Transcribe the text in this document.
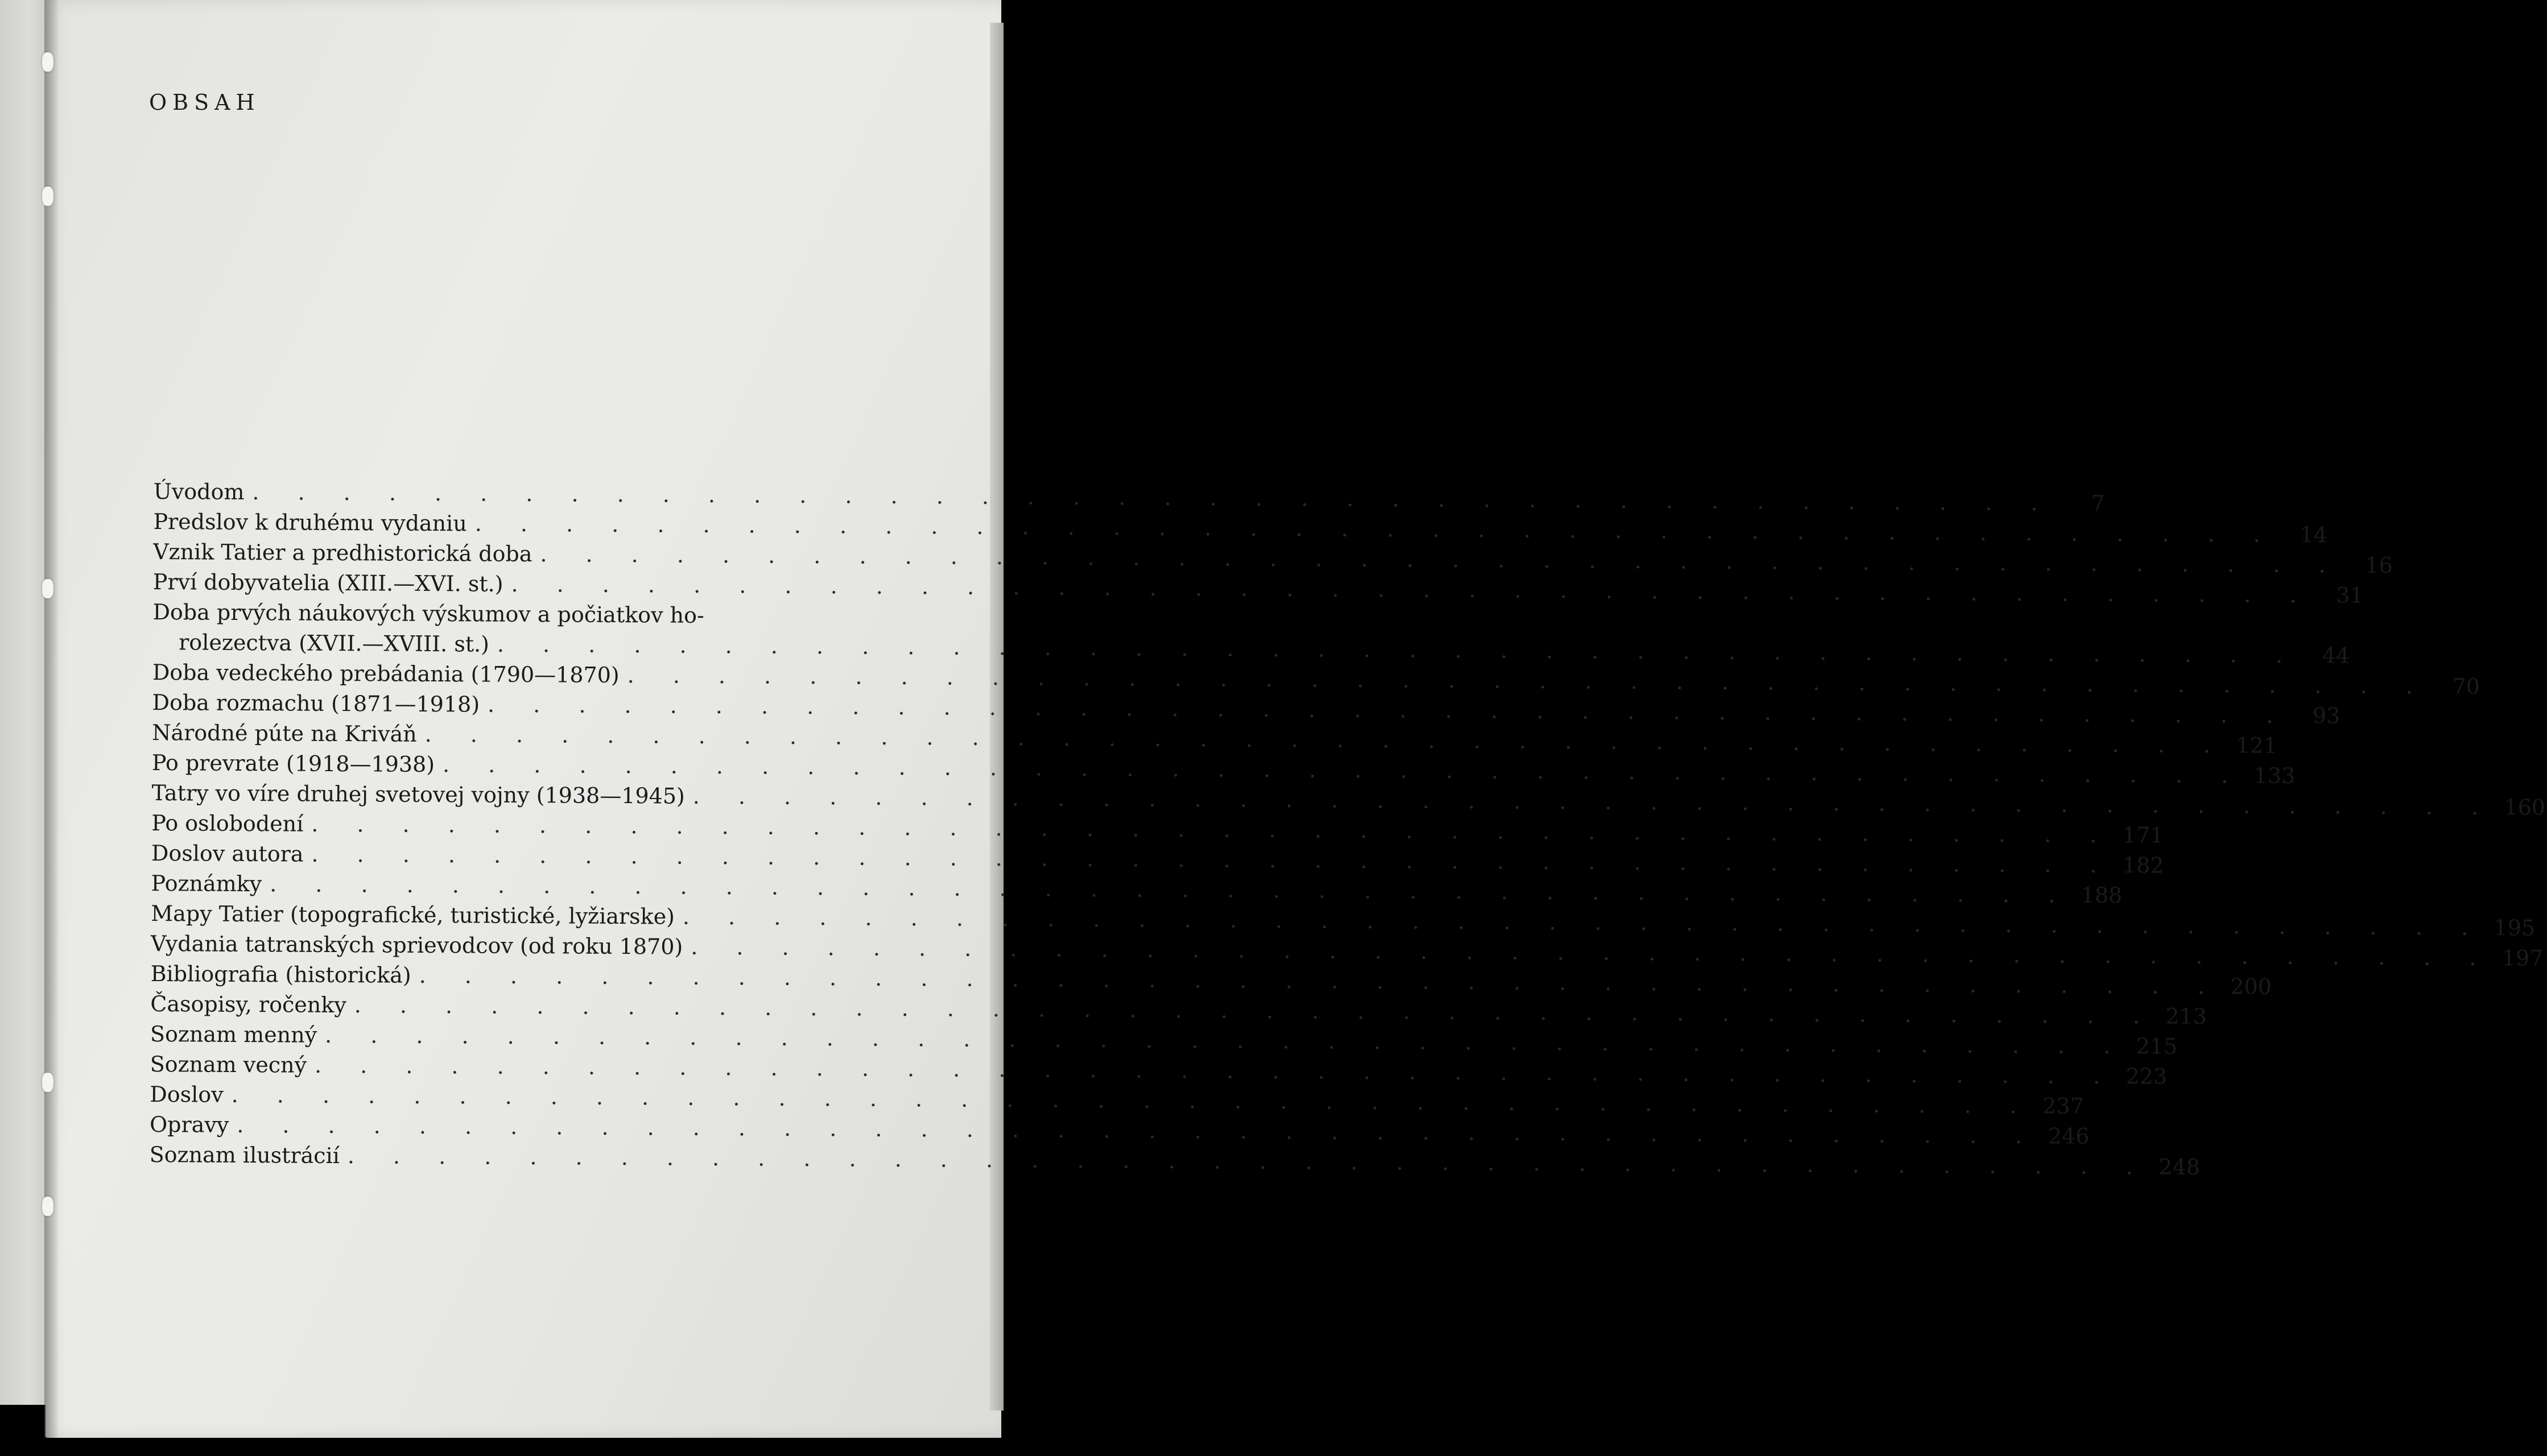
OBSAH
Úvodom . . . . . . . . . . . . . . . . . . . . . . . . . . . . . . . . . . . . . . . .	7
Predslov k druhému vydaniu . . . . . . . . . . . . . . . . . . . . . . . . . . . . . . . . . . . . . . . .	14
Vznik Tatier a predhistorická doba . . . . . . . . . . . . . . . . . . . . . . . . . . . . . . . . . . . . . . . .	16
Prví dobyvatelia (XIII.—XVI. st.) . . . . . . . . . . . . . . . . . . . . . . . . . . . . . . . . . . . . . . . .	31
Doba prvých náukových výskumov a počiatkov ho-
rolezectva (XVII.—XVIII. st.) . . . . . . . . . . . . . . . . . . . . . . . . . . . . . . . . . . . . . . . .	44
Doba vedeckého prebádania (1790—1870) . . . . . . . . . . . . . . . . . . . . . . . . . . . . . . . . . . . . . . . .	70
Doba rozmachu (1871—1918) . . . . . . . . . . . . . . . . . . . . . . . . . . . . . . . . . . . . . . . .	93
Národné púte na Kriváň . . . . . . . . . . . . . . . . . . . . . . . . . . . . . . . . . . . . . . . . 121
Po prevrate (1918—1938) . . . . . . . . . . . . . . . . . . . . . . . . . . . . . . . . . . . . . . . . 133
Tatry vo víre druhej svetovej vojny (1938—1945) . . . . . . . . . . . . . . . . . . . . . . . . . . . . . . . . . . . . . . . . 160
Po oslobodení . . . . . . . . . . . . . . . . . . . . . . . . . . . . . . . . . . . . . . . . 171
Doslov autora . . . . . . . . . . . . . . . . . . . . . . . . . . . . . . . . . . . . . . . . 182
Poznámky . . . . . . . . . . . . . . . . . . . . . . . . . . . . . . . . . . . . . . . . 188
Mapy Tatier (topografické, turistické, lyžiarske) . . . . . . . . . . . . . . . . . . . . . . . . . . . . . . . . . . . . . . . . 195
Vydania tatranských sprievodcov (od roku 1870) . . . . . . . . . . . . . . . . . . . . . . . . . . . . . . . . . . . . . . . . 197
Bibliografia (historická) . . . . . . . . . . . . . . . . . . . . . . . . . . . . . . . . . . . . . . . . 200
Časopisy, ročenky . . . . . . . . . . . . . . . . . . . . . . . . . . . . . . . . . . . . . . . . 213
Soznam menný . . . . . . . . . . . . . . . . . . . . . . . . . . . . . . . . . . . . . . . . 215
Soznam vecný . . . . . . . . . . . . . . . . . . . . . . . . . . . . . . . . . . . . . . . . 223
Doslov . . . . . . . . . . . . . . . . . . . . . . . . . . . . . . . . . . . . . . . . 237
Opravy . . . . . . . . . . . . . . . . . . . . . . . . . . . . . . . . . . . . . . . . 246
Soznam ilustrácií . . . . . . . . . . . . . . . . . . . . . . . . . . . . . . . . . . . . . . . . 248
